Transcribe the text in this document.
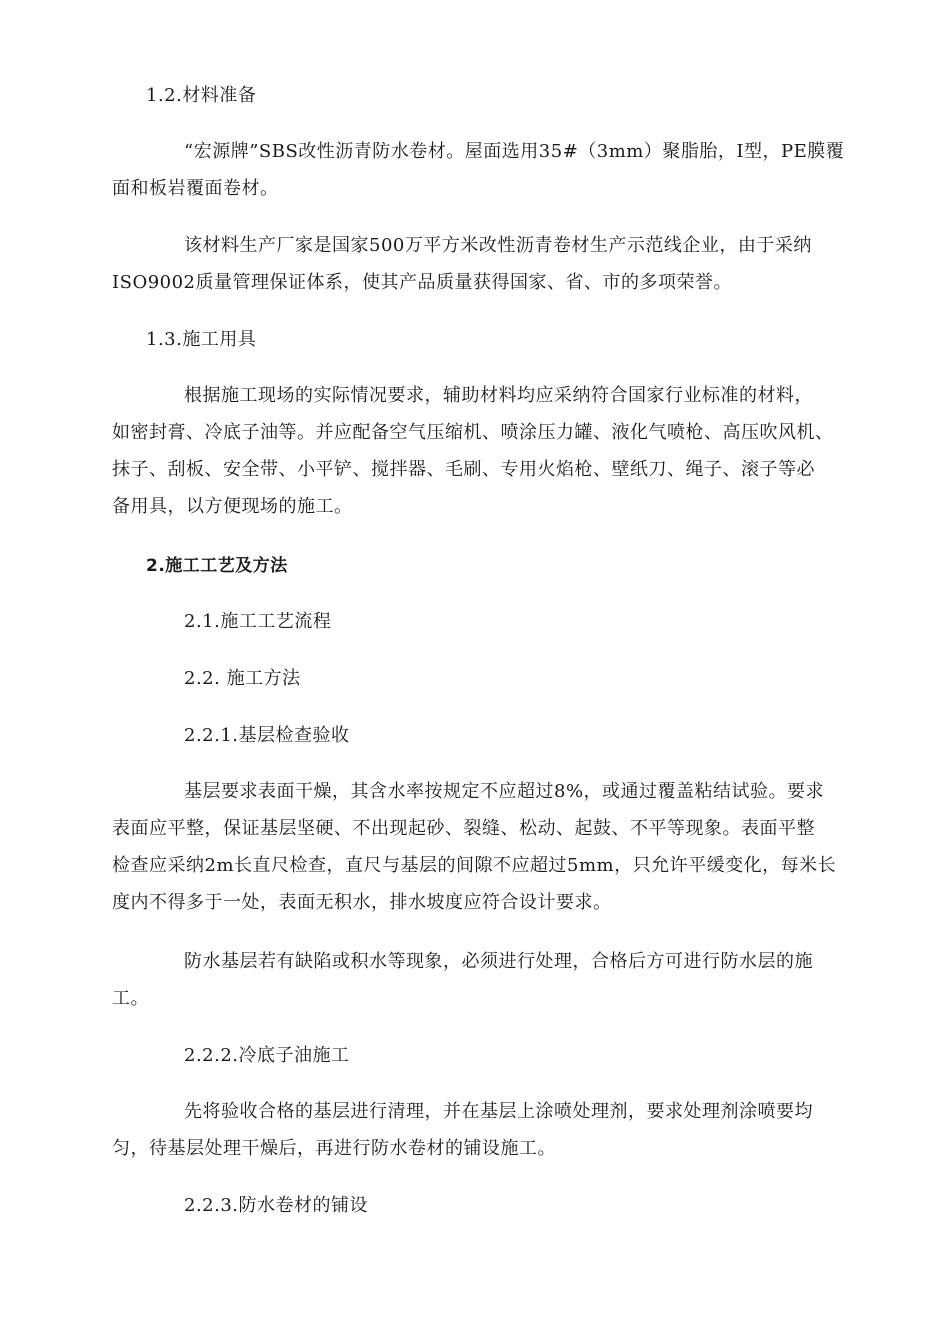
1.2.材料准备
“宏源牌”SBS改性沥青防水卷材。屋面选用35#（3mm）聚脂胎，I型，PE膜覆
面和板岩覆面卷材。
该材料生产厂家是国家500万平方米改性沥青卷材生产示范线企业，由于采纳
ISO9002质量管理保证体系，使其产品质量获得国家、省、市的多项荣誉。
1.3.施工用具
根据施工现场的实际情况要求，辅助材料均应采纳符合国家行业标准的材料，
如密封膏、冷底子油等。并应配备空气压缩机、喷涂压力罐、液化气喷枪、高压吹风机、
抹子、刮板、安全带、小平铲、搅拌器、毛刷、专用火焰枪、壁纸刀、绳子、滚子等必
备用具，以方便现场的施工。
2.施工工艺及方法
2.1.施工工艺流程
2.2. 施工方法
2.2.1.基层检查验收
基层要求表面干燥，其含水率按规定不应超过8%，或通过覆盖粘结试验。要求
表面应平整，保证基层坚硬、不出现起砂、裂缝、松动、起鼓、不平等现象。表面平整
检查应采纳2m长直尺检查，直尺与基层的间隙不应超过5mm，只允许平缓变化，每米长
度内不得多于一处，表面无积水，排水坡度应符合设计要求。
防水基层若有缺陷或积水等现象，必须进行处理，合格后方可进行防水层的施
工。
2.2.2.冷底子油施工
先将验收合格的基层进行清理，并在基层上涂喷处理剂，要求处理剂涂喷要均
匀，待基层处理干燥后，再进行防水卷材的铺设施工。
2.2.3.防水卷材的铺设
